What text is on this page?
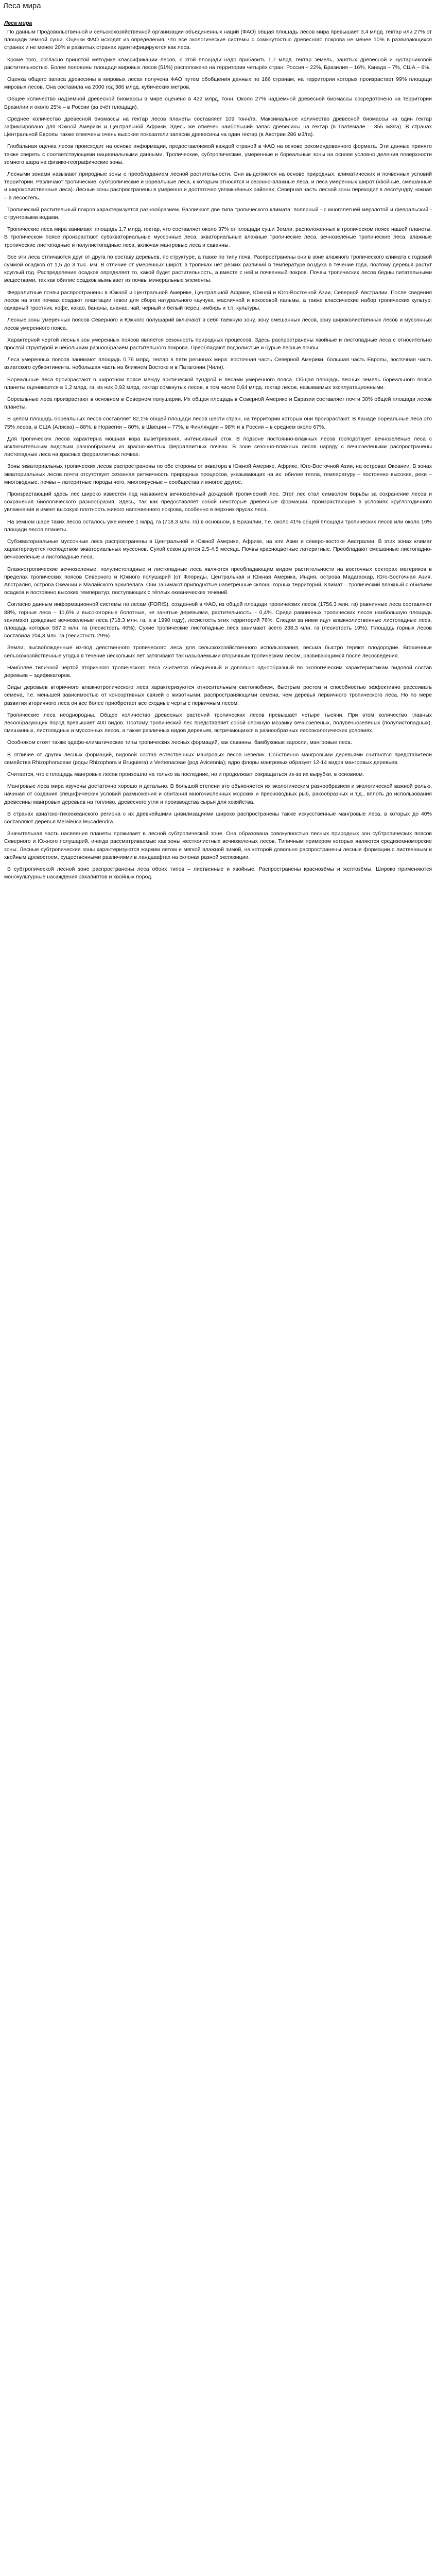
Леса мира
Леса мира

По данным Продовольственной и сельскохозяйственной организации объединенных наций (ФАО) общая площадь лесов мира превышает 3,4 млрд. гектар или 27% от площади земной суши. Оценки ФАО исходят из определения, что все экологические системы с сомкнутостью древесного покрова не менее 10% в развивающихся странах и не менее 20% в развитых странах идентифицируются как леса.

Кроме того, согласно принятой методике классификации лесов, к этой площади надо прибавить 1,7 млрд. гектар земель, занятых древесной и кустарниковой растительностью. Более половины площади мировых лесов (51%) расположено на территории четырёх стран: Россия – 22%, Бразилия – 16%, Канада – 7%, США – 6%.

Оценка общего запаса древесины в мировых лесах получена ФАО путем обобщения данных по 166 странам, на территории которых произрастает 99% площади мировых лесов. Она составила на 2000 год 386 млрд. кубических метров.

Общее количество надземной древесной биомассы в мире оценено в 422 млрд. тонн. Около 27% надземной древесной биомассы сосредоточено на территории Бразилии и около 25% – в России (за счёт площади).

Среднее количество древесной биомассы на гектар лесов планеты составляет 109 тонн/га. Максимальное количество древесной биомассы на один гектар зафиксировано для Южной Америки и Центральной Африки. Здесь же отмечен наибольший запас древесины на гектар (в Гватемале – 355 м3/га). В странах Центральной Европы также отмечены очень высокие показатели запасов древесины на один гектар (в Австрии 286 м3/га).

Глобальная оценка лесов происходит на основе информации, предоставляемой каждой страной в ФАО на основе рекомендованного формата. Эти данные принято также сверять с соответствующими национальными данными. Тропические, субтропические, умеренные и бореальные зоны на основе условно деления поверхности земного шара на физико-географические зоны.

Лесными зонами называют природные зоны с преобладанием лесной растительности. Они выделяются на основе природных, климатических и почвенных условий территории. Различают тропические, субтропические и бореальные леса, к которым относятся и сезонно-влажные леса, и леса умеренных широт (хвойные, смешанные и широколиственные леса). Лесные зоны распространены в умеренно и достаточно увлажнённых районах; Северная часть лесной зоны переходит в лесотундру, южная – в лесостепь.

Тропический растительный покров характеризуется разнообразием. Различают две типа тропического климата: полярный - с многолетней мерзлотой и февральский - с грунтовыми водами.

Тропические леса мира занимают площадь 1,7 млрд. гектар, что составляет около 37% от площади суши Земли, расположенных в тропическом поясе нашей планеты. В тропическом поясе произрастают субэкваториальные муссонные леса, экваториальные влажные тропические леса, вечнозелёные тропические леса, влажные тропические листопадные и полулистопадные леса, включая мангровые леса и саванны.

Все эти леса отличаются друг от друга по составу деревьев, по структуре, а также по типу почв. Распространены они в зоне влажного тропического климата с годовой суммой осадков от 1,5 до 3 тыс. мм. В отличие от умеренных широт, в тропиках нет резких различий в температуре воздуха в течение года, поэтому деревья растут круглый год. Распределение осадков определяет то, какой будет растительность, а вместе с ней и почвенный покров. Почвы тропических лесов бедны питательными веществами, так как обилие осадков вымывает из почвы минеральные элементы.

Ферралитные почвы распространены в Южной и Центральной Америке, Центральной Африке, Южной и Юго-Восточной Азии, Северной Австралии. После сведения лесов на этих почвах создают плантации гевеи для сбора натурального каучука, масличной и кокосовой пальмы, а также классические набор тропических культур: сахарный тростник, кофе, какао, бананы, ананас, чай, черный и белый перец, имбирь и т.п. культуры.

Лесные зоны умеренных поясов Северного и Южного полушарий включают в себя таежную зону, зону смешанных лесов, зону широколиственных лесов и муссонных лесов умеренного пояса.

Характерной чертой лесных зон умеренных поясов является сезонность природных процессов. Здесь распространены хвойные и листопадные леса с относительно простой структурой и небольшим разнообразием растительного покрова. Преобладают подзолистые и бурые лесные почвы.

Леса умеренных поясов занимают площадь 0,76 млрд. гектар в пяти регионах мира: восточная часть Северной Америки, большая часть Европы, восточная часть азиатского субконтинента, небольшая часть на ближнем Востоке и в Патагонии (Чили).

Бореальные леса произрастают в широтном поясе между арктической тундрой и лесами умеренного пояса. Общая площадь лесных земель бореального пояса планеты оценивается в 1,2 млрд. га, из них 0,92 млрд. гектар сомкнутых лесов, в том числе 0,64 млрд. гектар лесов, называемых эксплуатационными.

Бореальные леса произрастают в основном в Северном полушарии. Их общая площадь в Северной Америке и Евразии составляет почти 30% общей площади лесов планеты.

В целом площадь бореальных лесов составляет 82,1% общей площади лесов шести стран, на территории которых они произрастают. В Канаде бореальные леса это 75% лесов, в США (Аляска) – 88%, в Норвегии – 80%, в Швеции – 77%, в Финляндии – 98% и в России – в среднем около 67%.

Для тропических лесов характерна мощная кора выветривания, интенсивный сток. В подзоне постоянно-влажных лесов господствует вечнозелёные леса с исключительным видовым разнообразием из красно-жёлтых ферраллитных почвах. В зоне сезонно-влажных лесов наряду с вечнозелеными распространены листопадные леса на красных ферраллитных почвах.

Зоны экваториальных тропических лесов распространены по обе стороны от экватора в Южной Америке, Африке, Юго-Восточной Азии, на островах Океании. В зонах экваториальных лесов почти отсутствует сезонная ритмичность природных процессов, указывающих на их: обилие тепла, температуру – постоянно высокие, реки – многоводные, почвы – латеритные породы чего, многоярусные – сообщества и многое другое.

Произрастающий здесь лес широко известен под названием вечнозеленый дождевой тропический лес. Этот лес стал символом борьбы за сохранение лесов и сохранения биологического разнообразия. Здесь, так как предоставляет собой некоторые древесные формации, произрастающие в условиях круглогодичного увлажнения и имеет высокую плотность живого напочвенного покрова, особенно в верхних ярусах леса.

На земном шаре таких лесов осталось уже менее 1 млрд. га (718,3 млн. га) в основном, в Бразилии, т.е. около 41% общей площади тропических лесов или около 16% площади лесов планеты.

Субэкваториальные муссонные леса распространены в Центральной и Южной Америке, Африке, на юге Азии и северо-востоке Австралии. В этих зонах климат характеризуется господством экваториальных муссонов. Сухой сезон длится 2,5-4,5 месяца. Почвы красноцветные латеритные. Преобладают смешанные листопадно-вечнозеленые и листопадные леса.

Влажнотропические вечнозеленые, полулистопадные и листопадные леса являются преобладающим видом растительности на восточных секторах материков в пределах тропических поясов Северного и Южного полушарий (от Флориды, Центральная и Южная Америка, Индия, острова Мадагаскар, Юго-Восточная Азия, Австралия, острова Океании и Малайского архипелага. Они занимают приподнятые наветренные склоны горных территорий. Климат – тропический влажный с обилием осадков и постоянно высоких температур, поступающих с тёплых океанических течений.

Согласно данным информационной системы по лесам (FORIS), созданной в ФАО, из общей площади тропических лесов (1756,3 млн. га) равнинные леса составляют 88%, горные леса – 11,6% и высокогорные болотные, не занятые деревьями, растительность, - 0,4%. Среди равнинных тропических лесов наибольшую площадь занимают дождевые вечнозеленые леса (718,3 млн. га, а в 1990 году), лесистость этих территорий 76%. Следом за ними идут влажнолиственные листопадные леса, площадь которых 587,3 млн. га (лесистость 46%). Сухие тропические листопадные леса занимают всего 238,3 млн. га (лесистость 19%). Площадь горных лесов составила 204,3 млн. га (лесистость 29%).

Земли, высвобожденные из-под девственного тропического леса для сельскохозяйственного использования, весьма быстро теряют плодородие. Brошенные сельскохозяйственные угодья в течение нескольких лет затягивают так называемыми вторичным тропическим лесом, развивающимся после лесосведения.

Наиболее типичной чертой вторичного тропического леса считается обеднённый и довольно однообразный по экологическим характеристикам видовой состав деревьев – эдификаторов.

Виды деревьев вторичного влажнотропического леса характеризуются относительным светолюбием, быстрым ростом и способностью эффективно рассеивать семена, т.е. меньшей зависимостью от консортивных связей с животными, распространяющими семена, чем деревья первичного тропического леса. Но по мере развития вторичного леса он все более приобретает все сходные черты с первичным лесом.

Тропические леса неоднородны. Общее количество древесных растений тропических лесов превышает четыре тысячи. При этом количество главных лесообразующих пород превышает 400 видов. Поэтому тропический лес представляет собой сложную мозаику вечнозеленых, полувечнозелёных (полулистопадных), смешанных, листопадных и муссонных лесов, а также различных видов деревьев, встречающихся в разнообразных лесоэкологических условиях.

Особняком стоят также эдафо-климатические типы тропических лесных формаций, как саванны, бамбуковые заросли, мангровые леса.

В отличие от других лесных формаций, видовой состав естественных мангровых лесов невелик. Собственно мангровыми деревьями считаются представители семейства Rhizophoraceae (роды Rhizophora и Bruguiera) и Verbenaceae (род Avicennia); ядро флоры мангровых образует 12-14 видов мангровых деревьев.

Считается, что с площадь мангровых лесов произошло на только за последние, но и продолжает сокращаться из-за их вырубки, в основном.

Мангровые леса мира изучены достаточно хорошо и детально. В большой степени это объясняется их экологическим разнообразием и экологической важной ролью, начиная от создания специфических условий размножения и обитания многочисленных морских и пресноводных рыб, ракообразных и т.д., вплоть до использования древесины мангровых деревьев на топливо, древесного угля и производства сырья для хозяйства.

В странах азиатско-тихоокеанского региона с их древнейшими цивилизациями широко распространены также искусственные мангровые леса, в которых до 40% составляют деревья Melaleuca leucadendra.

Значительная часть населения планеты проживает в лесной субтропической зоне. Она образована совокупностью лесных природных зон субтропических поясов Северного и Южного полушарий, иногда рассматриваемые как зоны жестколистных вечнозеленых лесов. Типичным примером которых являются средиземноморские зоны. Лесные субтропические зоны характеризуются жарким летом и мягкой влажной зимой, на которой довольно распространены лесные формации с лиственным и хвойным древостоем, существенными различиями в ландшафтах на склонах разной экспозиции.

В субтропической лесной зоне распространены леса обоих типов – лиственные и хвойные. Распространены краснозёмы и желтозёмы. Широко применяются монокультурные насаждения эвкалиптов и хвойных пород.
